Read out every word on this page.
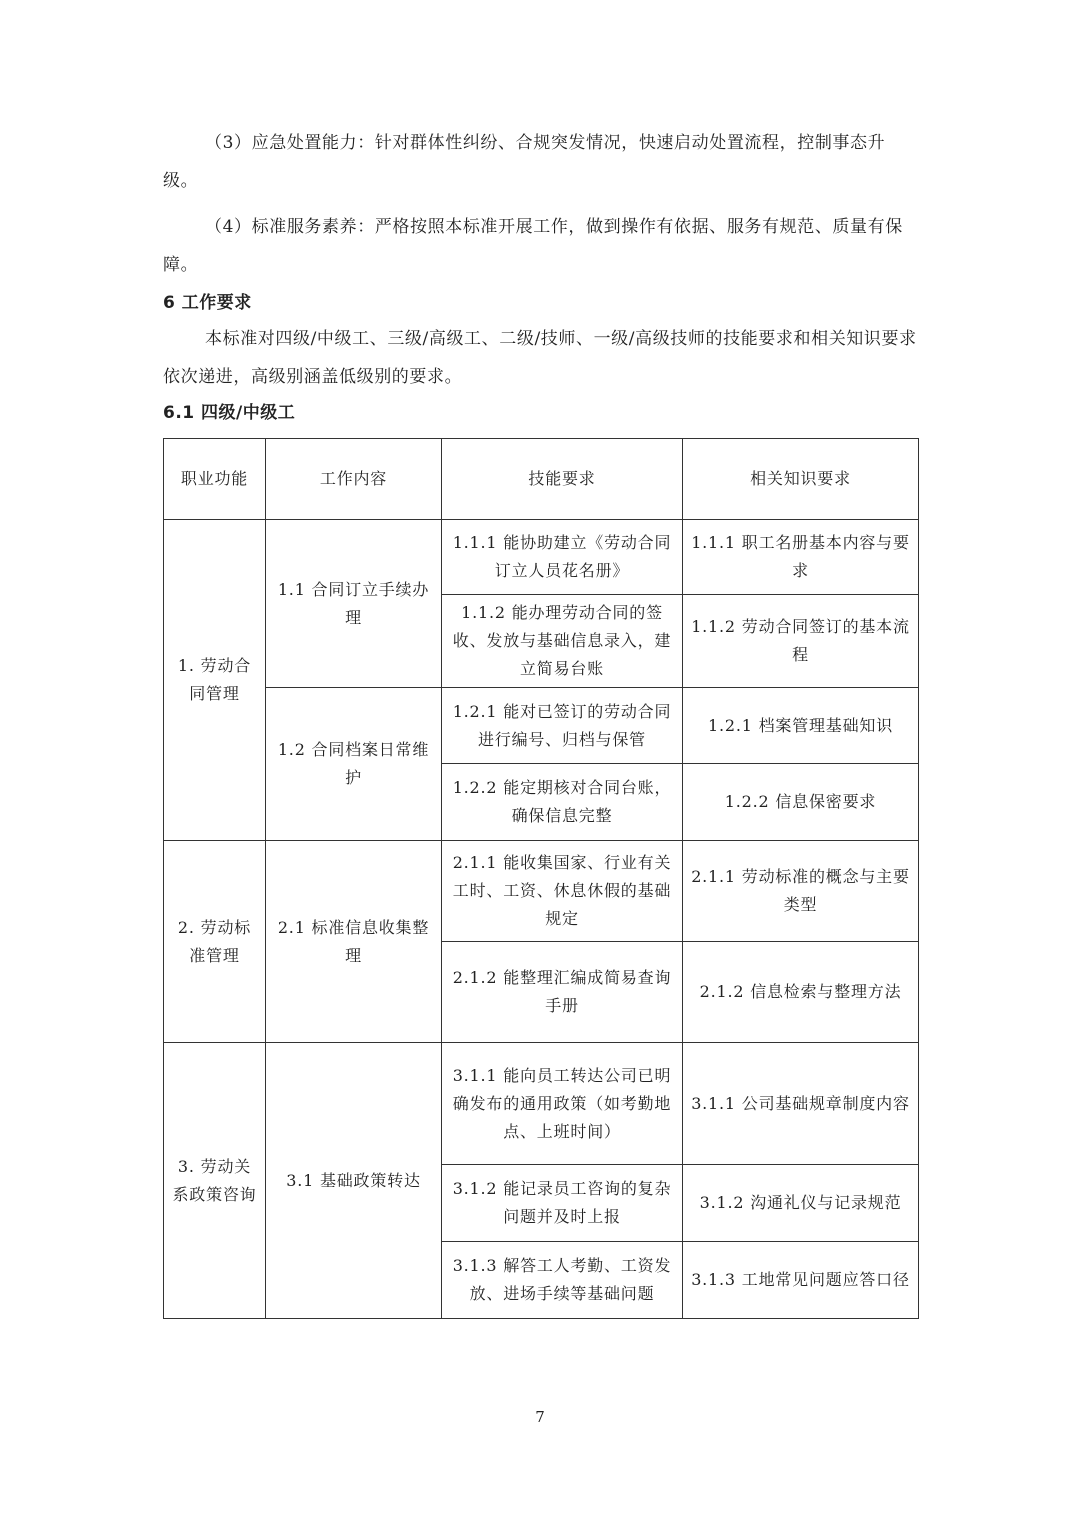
（3）应急处置能力：针对群体性纠纷、合规突发情况，快速启动处置流程，控制事态升级。

（4）标准服务素养：严格按照本标准开展工作，做到操作有依据、服务有规范、质量有保障。

6 工作要求

本标准对四级/中级工、三级/高级工、二级/技师、一级/高级技师的技能要求和相关知识要求依次递进，高级别涵盖低级别的要求。

6.1 四级/中级工
职业功能	工作内容	技能要求	相关知识要求
1. 劳动合同管理	1.1 合同订立手续办理	1.1.1 能协助建立《劳动合同订立人员花名册》	1.1.1 职工名册基本内容与要求
		1.1.2 能办理劳动合同的签收、发放与基础信息录入，建立简易台账	1.1.2 劳动合同签订的基本流程
	1.2 合同档案日常维护	1.2.1 能对已签订的劳动合同进行编号、归档与保管	1.2.1 档案管理基础知识
		1.2.2 能定期核对合同台账，确保信息完整	1.2.2 信息保密要求
2. 劳动标准管理	2.1 标准信息收集整理	2.1.1 能收集国家、行业有关工时、工资、休息休假的基础规定	2.1.1 劳动标准的概念与主要类型
		2.1.2 能整理汇编成简易查询手册	2.1.2 信息检索与整理方法
3. 劳动关系政策咨询	3.1 基础政策转达	3.1.1 能向员工转达公司已明确发布的通用政策（如考勤地点、上班时间）	3.1.1 公司基础规章制度内容
		3.1.2 能记录员工咨询的复杂问题并及时上报	3.1.2 沟通礼仪与记录规范
		3.1.3 解答工人考勤、工资发放、进场手续等基础问题	3.1.3 工地常见问题应答口径

7
